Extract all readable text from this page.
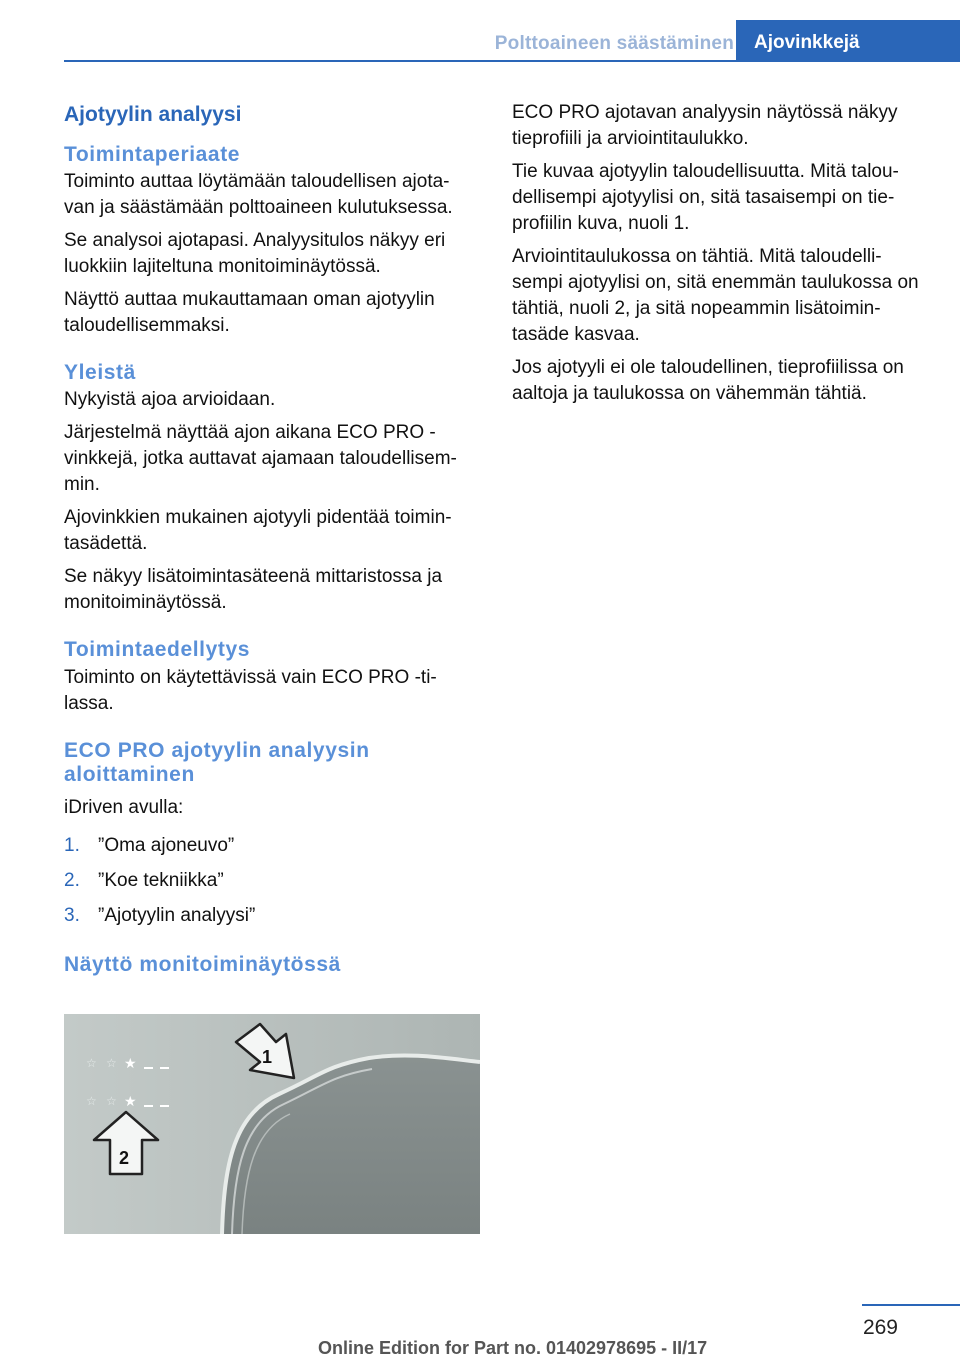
Polttoaineen säästäminen	Ajovinkkejä
Ajotyylin analyysi
Toimintaperiaate

Toiminto auttaa löytämään taloudellisen ajota‐van ja säästämään polttoaineen kulutuksessa.

Se analysoi ajotapasi. Analyysitulos näkyy eri luokkiin lajiteltuna monitoiminäytössä.

Näyttö auttaa mukauttamaan oman ajotyylin taloudellisemmaksi.

Yleistä

Nykyistä ajoa arvioidaan.

Järjestelmä näyttää ajon aikana ECO PRO -vinkkejä, jotka auttavat ajamaan taloudellisem‐min.

Ajovinkkien mukainen ajotyyli pidentää toimin‐tasädettä.

Se näkyy lisätoimintasäteenä mittaristossa ja monitoiminäytössä.

Toimintaedellytys

Toiminto on käytettävissä vain ECO PRO -ti‐lassa.

ECO PRO ajotyylin analyysin aloittaminen

iDriven avulla:

1. ”Oma ajoneuvo”
2. ”Koe tekniikka”
3. ”Ajotyylin analyysi”
Näyttö monitoiminäytössä
☆ ☆ ★
☆ ☆ ★
1
2

ECO PRO ajotavan analyysin näytössä näkyy tieprofiili ja arviointitaulukko.

Tie kuvaa ajotyylin taloudellisuutta. Mitä talou‐dellisempi ajotyylisi on, sitä tasaisempi on tie‐profiilin kuva, nuoli 1.

Arviointitaulukossa on tähtiä. Mitä taloudelli‐sempi ajotyylisi on, sitä enemmän taulukossa on tähtiä, nuoli 2, ja sitä nopeammin lisätoimin‐tasäde kasvaa.

Jos ajotyyli ei ole taloudellinen, tieprofiilissa on aaltoja ja taulukossa on vähemmän tähtiä.

269
Online Edition for Part no. 01402978695 - II/17
